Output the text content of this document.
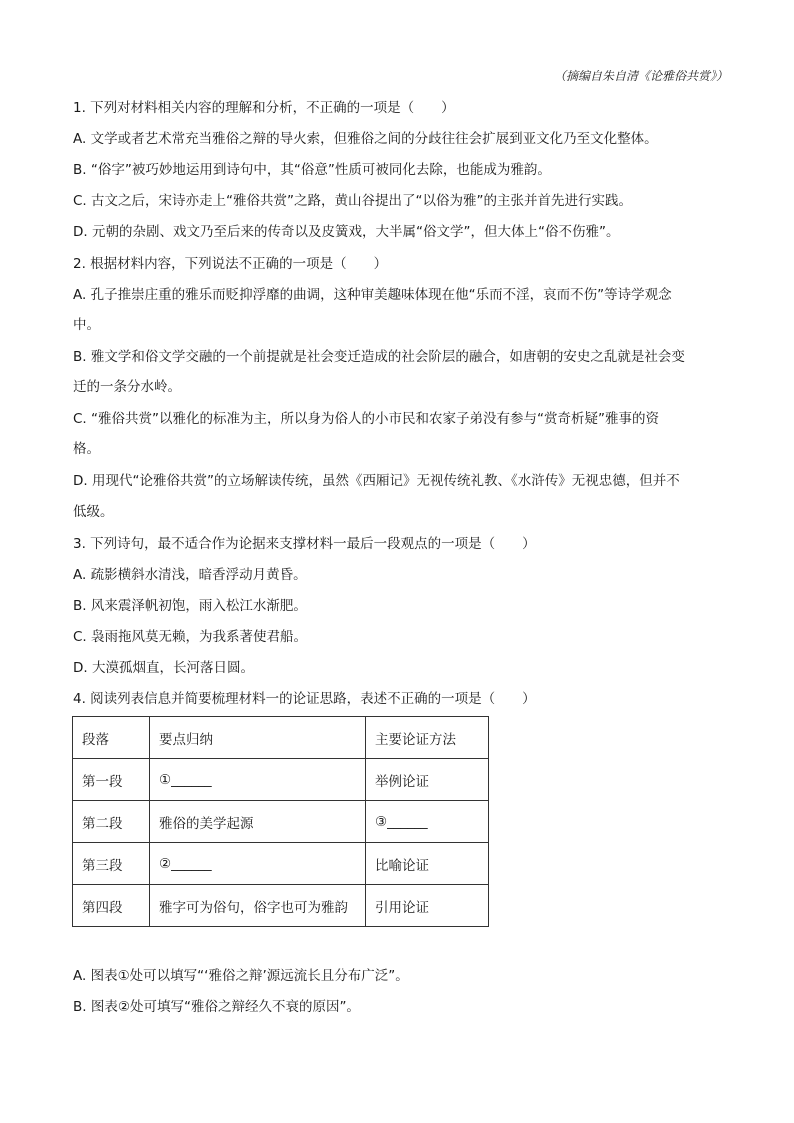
（摘编自朱自清《论雅俗共赏》）
1. 下列对材料相关内容的理解和分析，不正确的一项是（　　）
A. 文学或者艺术常充当雅俗之辩的导火索，但雅俗之间的分歧往往会扩展到亚文化乃至文化整体。
B. “俗字”被巧妙地运用到诗句中，其“俗意”性质可被同化去除，也能成为雅韵。
C. 古文之后，宋诗亦走上“雅俗共赏”之路，黄山谷提出了“以俗为雅”的主张并首先进行实践。
D. 元朝的杂剧、戏文乃至后来的传奇以及皮簧戏，大半属“俗文学”，但大体上“俗不伤雅”。
2. 根据材料内容，下列说法不正确的一项是（　　）
A. 孔子推崇庄重的雅乐而贬抑浮靡的曲调，这种审美趣味体现在他“乐而不淫，哀而不伤”等诗学观念
中。
B. 雅文学和俗文学交融的一个前提就是社会变迁造成的社会阶层的融合，如唐朝的安史之乱就是社会变
迁的一条分水岭。
C. “雅俗共赏”以雅化的标准为主，所以身为俗人的小市民和农家子弟没有参与“赏奇析疑”雅事的资
格。
D. 用现代“论雅俗共赏”的立场解读传统，虽然《西厢记》无视传统礼教、《水浒传》无视忠德，但并不
低级。
3. 下列诗句，最不适合作为论据来支撑材料一最后一段观点的一项是（　　）
A. 疏影横斜水清浅，暗香浮动月黄昏。
B. 风来震泽帆初饱，雨入松江水渐肥。
C. 袅雨拖风莫无赖，为我系著使君船。
D. 大漠孤烟直，长河落日圆。
4. 阅读列表信息并简要梳理材料一的论证思路，表述不正确的一项是（　　）
段落	要点归纳	主要论证方法
第一段	①______	举例论证
第二段	雅俗的美学起源	③______
第三段	②______	比喻论证
第四段	雅字可为俗句，俗字也可为雅韵	引用论证
A. 图表①处可以填写“‘雅俗之辩’源远流长且分布广泛”。
B. 图表②处可填写“雅俗之辩经久不衰的原因”。
